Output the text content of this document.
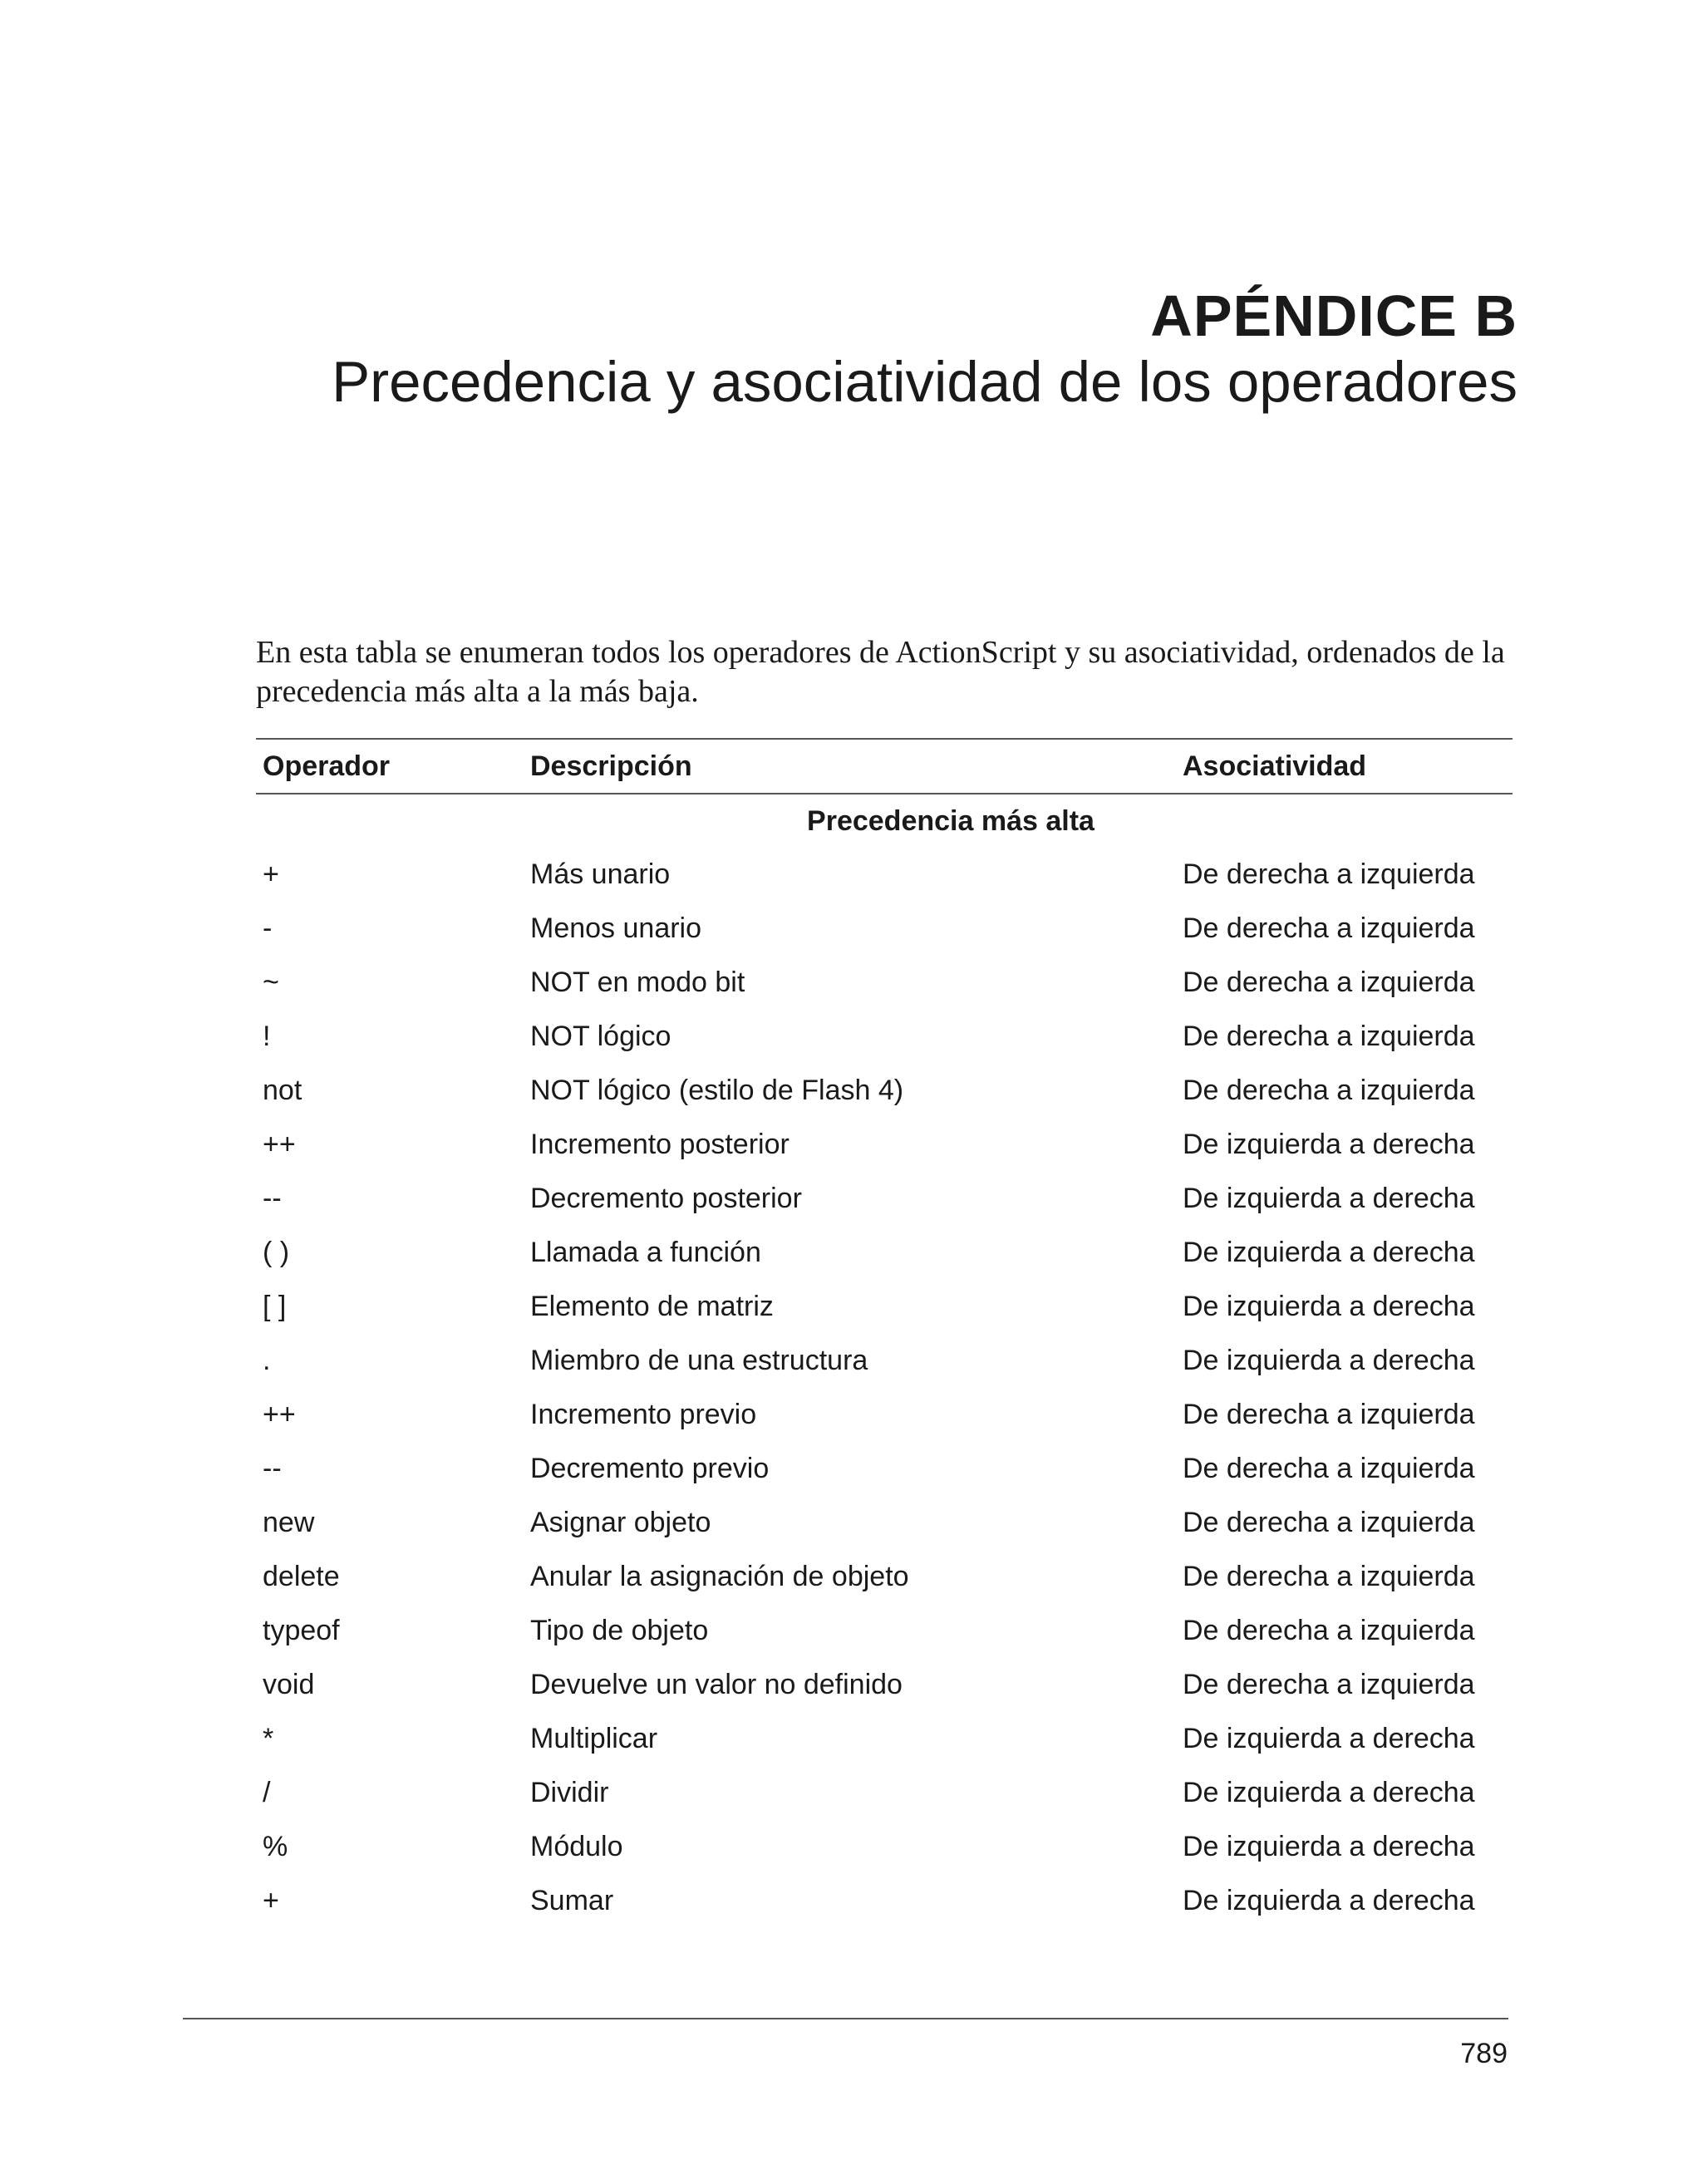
APÉNDICE B
Precedencia y asociatividad de los operadores

En esta tabla se enumeran todos los operadores de ActionScript y su asociatividad, ordenados de la precedencia más alta a la más baja.

Operador	Descripción	Asociatividad
Precedencia más alta
+	Más unario	De derecha a izquierda
-	Menos unario	De derecha a izquierda
~	NOT en modo bit	De derecha a izquierda
!	NOT lógico	De derecha a izquierda
not	NOT lógico (estilo de Flash 4)	De derecha a izquierda
++	Incremento posterior	De izquierda a derecha
--	Decremento posterior	De izquierda a derecha
( )	Llamada a función	De izquierda a derecha
[ ]	Elemento de matriz	De izquierda a derecha
.	Miembro de una estructura	De izquierda a derecha
++	Incremento previo	De derecha a izquierda
--	Decremento previo	De derecha a izquierda
new	Asignar objeto	De derecha a izquierda
delete	Anular la asignación de objeto	De derecha a izquierda
typeof	Tipo de objeto	De derecha a izquierda
void	Devuelve un valor no definido	De derecha a izquierda
*	Multiplicar	De izquierda a derecha
/	Dividir	De izquierda a derecha
%	Módulo	De izquierda a derecha
+	Sumar	De izquierda a derecha
789
